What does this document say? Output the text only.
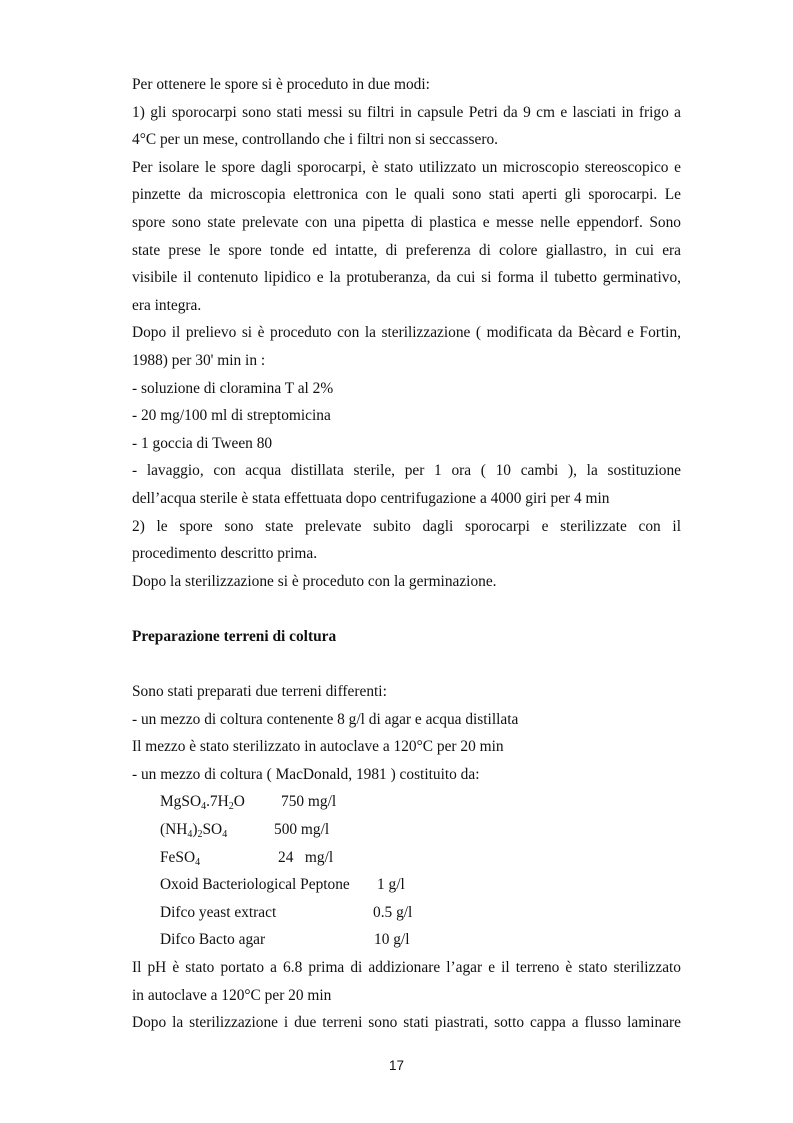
Per ottenere le spore si è proceduto in due modi:
1) gli sporocarpi sono stati messi su filtri in capsule Petri da 9 cm e lasciati in frigo a
4°C per un mese, controllando che i filtri non si seccassero.
Per isolare le spore dagli sporocarpi, è stato utilizzato un microscopio stereoscopico e
pinzette da microscopia elettronica con le quali sono stati aperti gli sporocarpi. Le
spore sono state prelevate con una pipetta di plastica e messe nelle eppendorf. Sono
state prese le spore tonde ed intatte, di preferenza di colore giallastro, in cui era
visibile il contenuto lipidico e la protuberanza, da cui si forma il tubetto germinativo,
era integra.
Dopo il prelievo si è proceduto con la sterilizzazione ( modificata da Bècard e Fortin,
1988) per 30' min in :
- soluzione di cloramina T al 2%
- 20 mg/100 ml di streptomicina
- 1 goccia di Tween 80
- lavaggio, con acqua distillata sterile, per 1 ora ( 10 cambi ), la sostituzione
dell’acqua sterile è stata effettuata dopo centrifugazione a 4000 giri per 4 min
2) le spore sono state prelevate subito dagli sporocarpi e sterilizzate con il
procedimento descritto prima.
Dopo la sterilizzazione si è proceduto con la germinazione.
Preparazione terreni di coltura
Sono stati preparati due terreni differenti:
- un mezzo di coltura contenente 8 g/l di agar e acqua distillata
Il mezzo è stato sterilizzato in autoclave a 120°C per 20 min
- un mezzo di coltura ( MacDonald, 1981 ) costituito da:
$MgSO_4.7H_2O$ 750 mg/l
$(NH_4)_2SO_4$	500 mg/l
FeSO$_4$	24   mg/l
Oxoid Bacteriological Peptone 1 g/l
Difco yeast extract	0.5 g/l
Difco Bacto agar	10 g/l
Il pH è stato portato a 6.8 prima di addizionare l’agar e il terreno è stato sterilizzato
in autoclave a 120°C per 20 min
Dopo la sterilizzazione i due terreni sono stati piastrati, sotto cappa a flusso laminare
17
